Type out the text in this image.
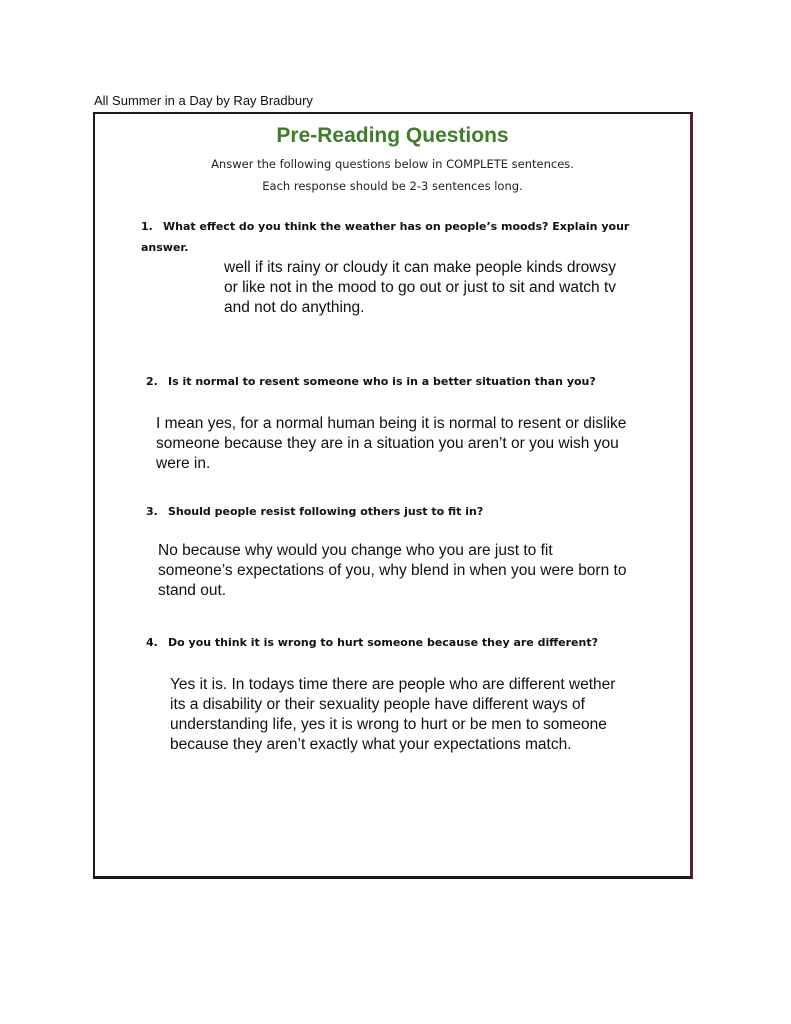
All Summer in a Day by Ray Bradbury
Pre-Reading Questions
Answer the following questions below in COMPLETE sentences.
Each response should be 2-3 sentences long.
1. What effect do you think the weather has on people’s moods? Explain your answer.
well if its rainy or cloudy it can make people kinds drowsy or like not in the mood to go out or just to sit and watch tv and not do anything.
2. Is it normal to resent someone who is in a better situation than you?
I mean yes, for a normal human being it is normal to resent or dislike someone because they are in a situation you aren’t or you wish you were in.
3. Should people resist following others just to fit in?
No because why would you change who you are just to fit someone’s expectations of you, why blend in when you were born to stand out.
4. Do you think it is wrong to hurt someone because they are different?
Yes it is. In todays time there are people who are different wether its a disability or their sexuality people have different ways of understanding life, yes it is wrong to hurt or be men to someone because they aren’t exactly what your expectations match.
